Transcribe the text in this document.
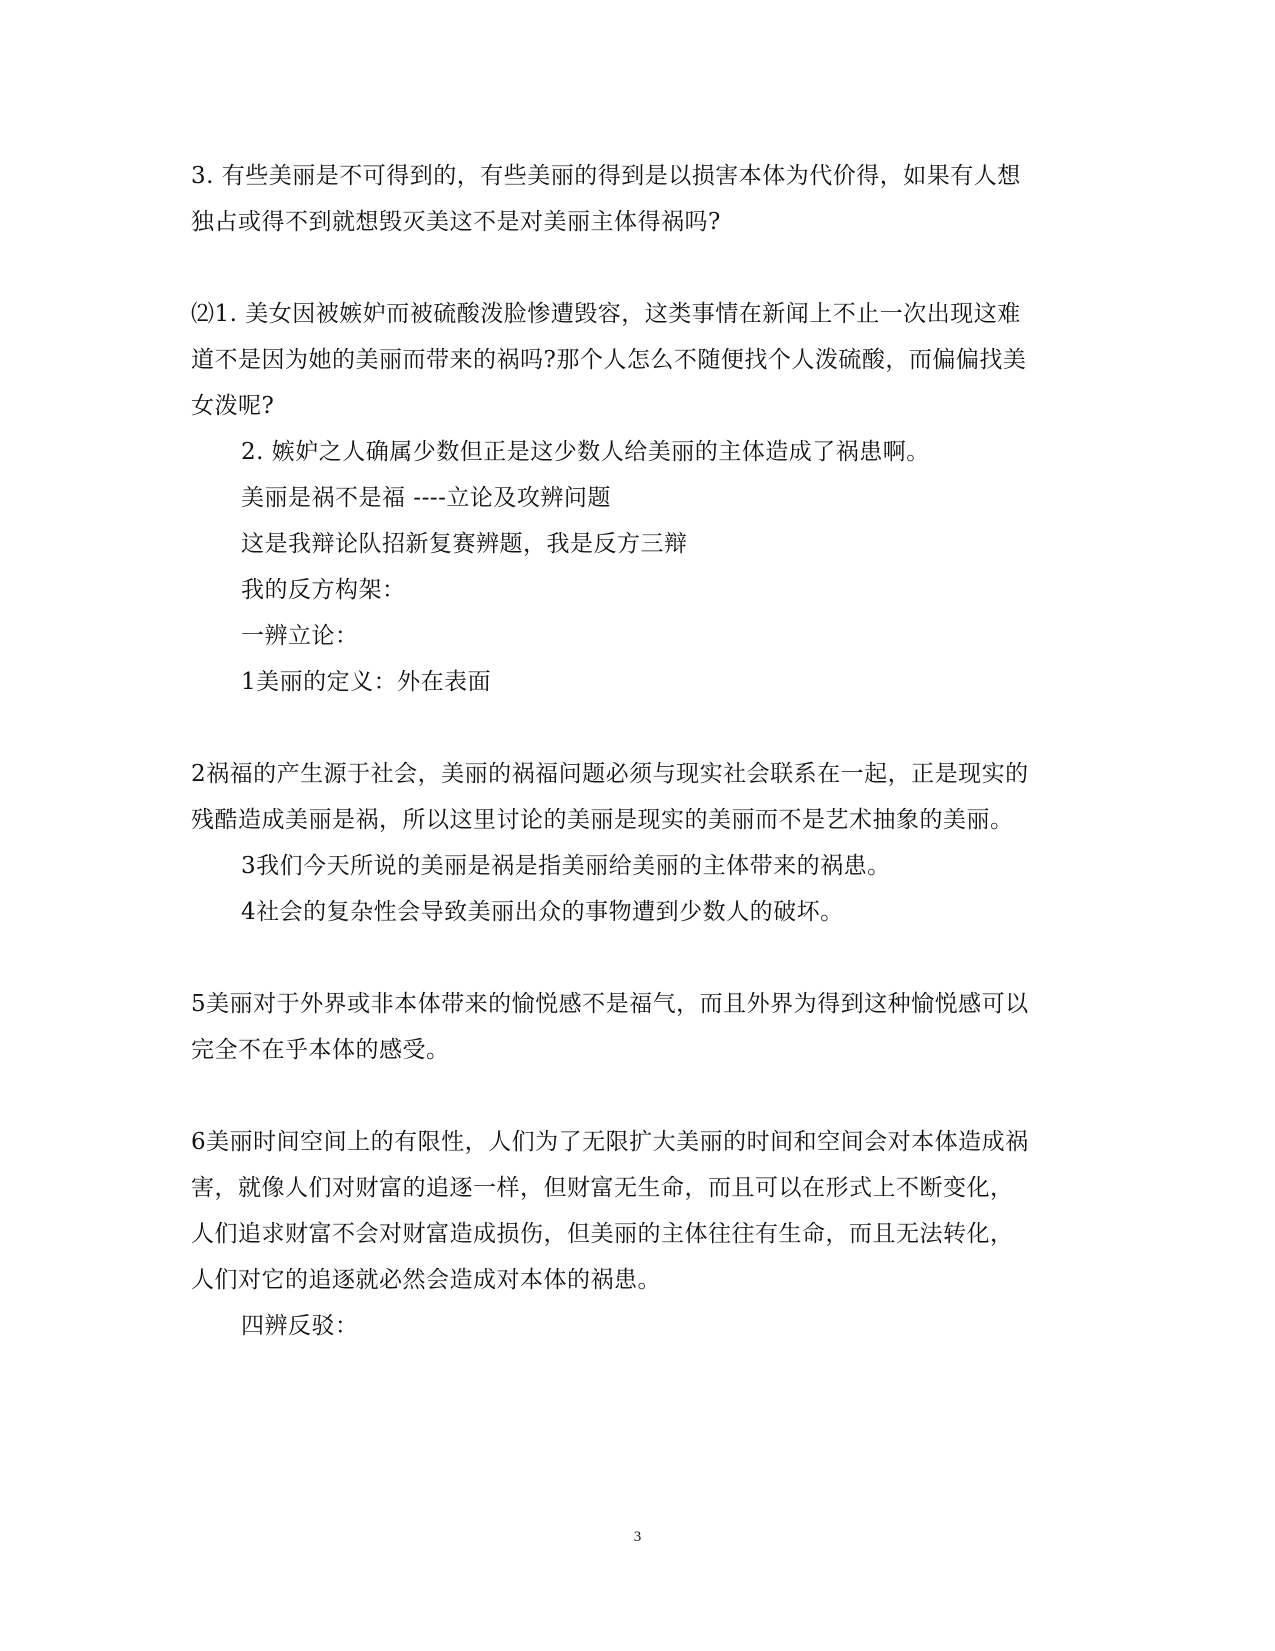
3. 有些美丽是不可得到的，有些美丽的得到是以损害本体为代价得，如果有人想
独占或得不到就想毁灭美这不是对美丽主体得祸吗?
⑵1. 美女因被嫉妒而被硫酸泼脸惨遭毁容，这类事情在新闻上不止一次出现这难
道不是因为她的美丽而带来的祸吗?那个人怎么不随便找个人泼硫酸，而偏偏找美
女泼呢?
2. 嫉妒之人确属少数但正是这少数人给美丽的主体造成了祸患啊。
美丽是祸不是福 ----立论及攻辨问题
这是我辩论队招新复赛辨题，我是反方三辩
我的反方构架：
一辨立论：
1美丽的定义：外在表面
2祸福的产生源于社会，美丽的祸福问题必须与现实社会联系在一起，正是现实的
残酷造成美丽是祸，所以这里讨论的美丽是现实的美丽而不是艺术抽象的美丽。
3我们今天所说的美丽是祸是指美丽给美丽的主体带来的祸患。
4社会的复杂性会导致美丽出众的事物遭到少数人的破坏。
5美丽对于外界或非本体带来的愉悦感不是福气，而且外界为得到这种愉悦感可以
完全不在乎本体的感受。
6美丽时间空间上的有限性，人们为了无限扩大美丽的时间和空间会对本体造成祸
害，就像人们对财富的追逐一样，但财富无生命，而且可以在形式上不断变化，
人们追求财富不会对财富造成损伤，但美丽的主体往往有生命，而且无法转化，
人们对它的追逐就必然会造成对本体的祸患。
四辨反驳：
3
